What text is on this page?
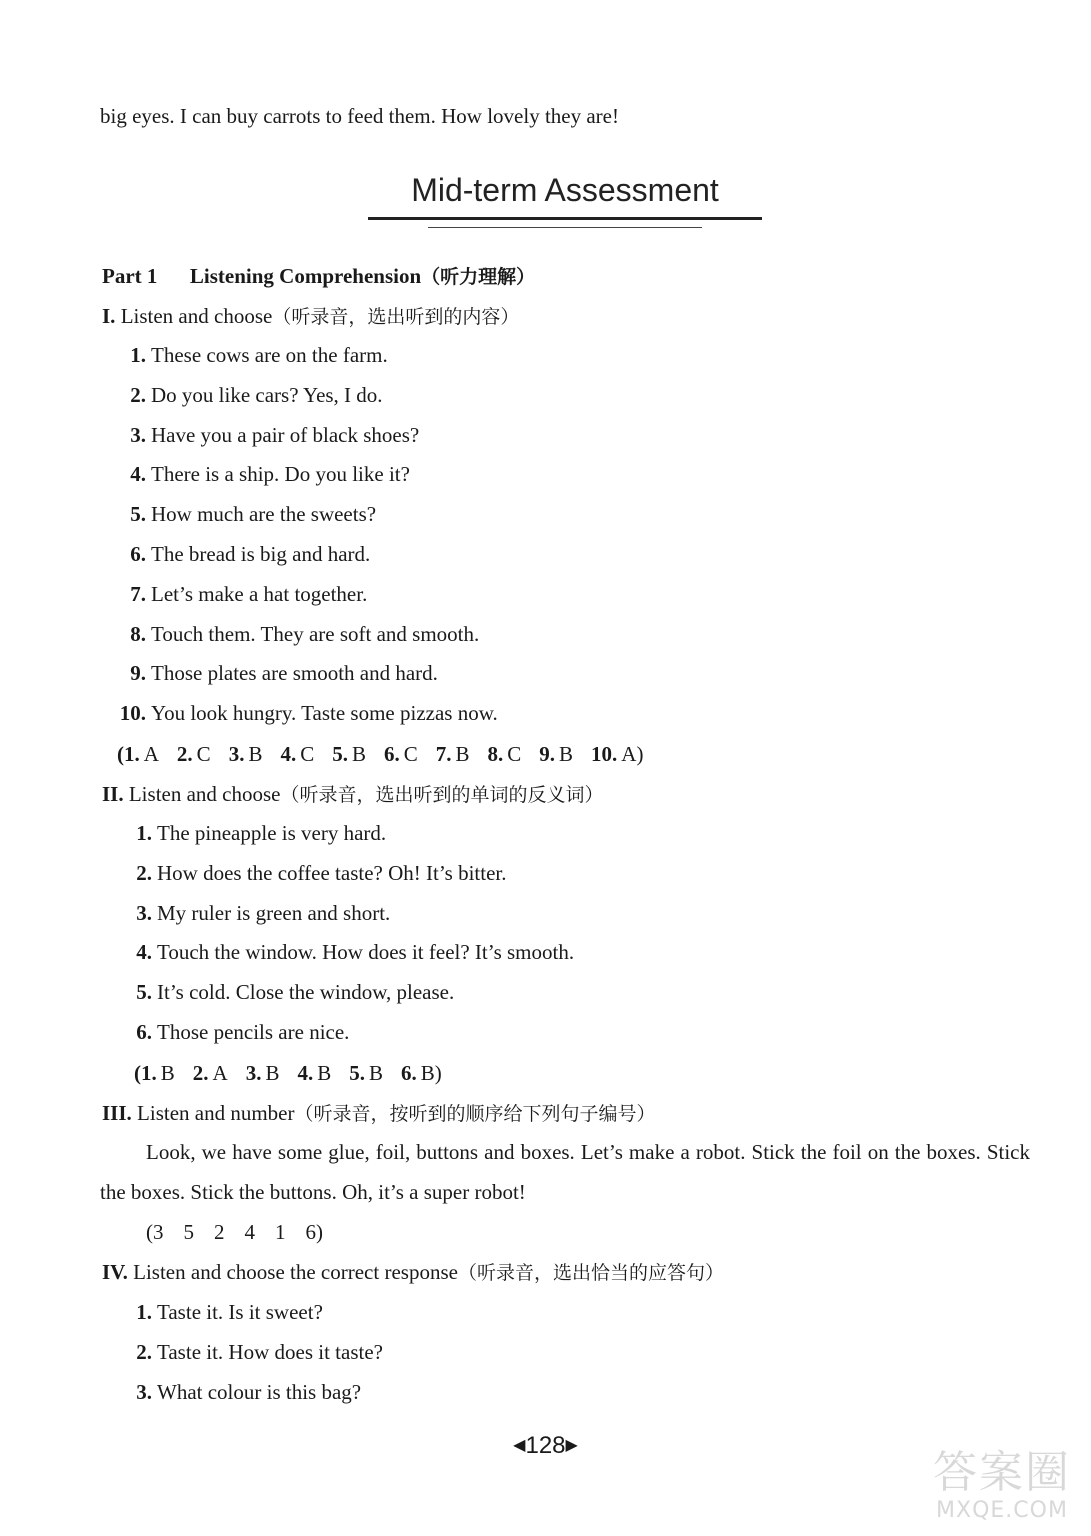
big eyes. I can buy carrots to feed them. How lovely they are!
Mid-term Assessment
Part 1 Listening Comprehension（听力理解）
I. Listen and choose（听录音，选出听到的内容）
1. These cows are on the farm.
2. Do you like cars? Yes, I do.
3. Have you a pair of black shoes?
4. There is a ship. Do you like it?
5. How much are the sweets?
6. The bread is big and hard.
7. Let’s make a hat together.
8. Touch them. They are soft and smooth.
9. Those plates are smooth and hard.
10. You look hungry. Taste some pizzas now.
(1. A 2. C 3. B 4. C 5. B 6. C 7. B 8. C 9. B 10. A)
II. Listen and choose（听录音，选出听到的单词的反义词）
1. The pineapple is very hard.
2. How does the coffee taste? Oh! It’s bitter.
3. My ruler is green and short.
4. Touch the window. How does it feel? It’s smooth.
5. It’s cold. Close the window, please.
6. Those pencils are nice.
(1. B 2. A 3. B 4. B 5. B 6. B)
III. Listen and number（听录音，按听到的顺序给下列句子编号）
Look, we have some glue, foil, buttons and boxes. Let’s make a robot. Stick the foil on the boxes. Stick the boxes. Stick the buttons. Oh, it’s a super robot!
(3 5 2 4 1 6)
IV. Listen and choose the correct response（听录音，选出恰当的应答句）
1. Taste it. Is it sweet?
2. Taste it. How does it taste?
3. What colour is this bag?
◀128▶
答案圈
MXQE.COM
